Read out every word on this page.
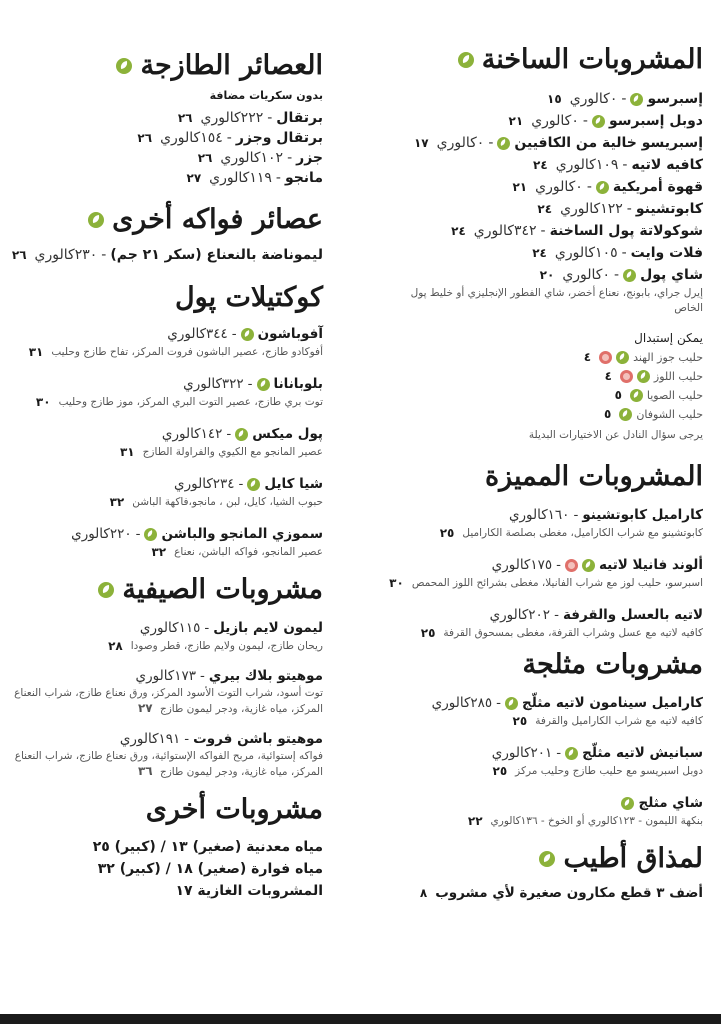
المشروبات الساخنة
إسبرسو
-
٠كالوري
١٥
دوبل إسبرسو
-
٠كالوري
٢١
إسبريسو خالية من الكافيين
-
٠كالوري
١٧
كافيه لاتيه
-
١٠٩كالوري
٢٤
قهوة أمريكية
-
٠كالوري
٢١
كابوتشينو
-
١٢٢كالوري
٢٤
شوكولاتة پول الساخنة
-
٣٤٢كالوري
٢٤
فلات وايت
-
١٠٥كالوري
٢٤
شاي پول
-
٠كالوري
٢٠
إيرل جراي، بابونج، نعناع أخضر، شاي الفطور الإنجليزي أو خليط پول الخاص
يمكن إستبدال
حليب جوز الهند
٤
حليب اللوز
٤
حليب الصويا
٥
حليب الشوفان
٥
يرجى سؤال النادل عن الاختيارات البديلة
المشروبات المميزة
كاراميل كابوتشينو
-
١٦٠كالوري
كابوتشينو مع شراب الكاراميل، مغطى بصلصة الكاراميل
٢٥
ألوند فانيلا لاتيه
-
١٧٥كالوري
اسبرسو، حليب لوز مع شراب الفانيلا، مغطى بشرائح اللوز المحمص
٣٠
لاتيه بالعسل والقرفة
-
٢٠٢كالوري
كافيه لاتيه مع عسل وشراب القرفة، مغطى بمسحوق القرفة
٢٥
مشروبات مثلجة
كاراميل سينامون لاتيه مثلّج
-
٢٨٥كالوري
كافيه لاتيه مع شراب الكاراميل والقرفة
٢٥
سبانيش لاتيه مثلّج
-
٢٠١كالوري
دوبل اسبريسو مع حليب طازج وحليب مركز
٢٥
شاي مثلج
بنكهة الليمون - ١٢٣كالوري أو الخوخ - ١٣٦كالوري
٢٢
لمذاق أطيب
أضف ٣ قطع مكارون صغيرة لأي مشروب
٨
العصائر الطازجة
بدون سكريات مضافة
برتقال
-
٢٢٢كالوري
٢٦
برتقال وجزر
-
١٥٤كالوري
٢٦
جزر
-
١٠٢كالوري
٢٦
مانجو
-
١١٩كالوري
٢٧
عصائر فواكه أخرى
ليموناضة بالنعناع (سكر ٢١ جم)
-
٢٣٠كالوري
٢٦
كوكتيلات پول
آفوباشون
-
٣٤٤كالوري
أفوكادو طازج، عصير الباشون فروت المركز، تفاح طازج وحليب
٣١
بلوبانانا
-
٣٢٢كالوري
توت بري طازج، عصير التوت البري المركز، موز طازج وحليب
٣٠
پول ميكس
-
١٤٢كالوري
عصير المانجو مع الكيوي والفراولة الطازج
٣١
شيا كايل
-
٢٣٤كالوري
حبوب الشيا، كايل، لبن ، مانجو،فاكهة الباشن
٣٢
سموزي المانجو والباشن
-
٢٢٠كالوري
عصير المانجو، فواكه الباشن، نعناع
٣٢
مشروبات الصيفية
ليمون لايم بازيل
-
١١٥كالوري
ريحان طازج، ليمون ولايم طازج، قطر وصودا
٢٨
موهيتو بلاك بيري
-
١٧٣كالوري
توت أسود، شراب التوت الأسود المركز، ورق نعناع طازج، شراب النعناع المركز، مياه غازية، ودجر ليمون طازج ٢٧
موهيتو باشن فروت
-
١٩١كالوري
فواكه إستوائية، مربح الفواكه الإستوائية، ورق نعناع طازج، شراب النعناع المركز، مياه غازية، ودجر ليمون طازج ٣٦
مشروبات أخرى
مياه معدنية (صغير) ١٣ / (كبير) ٢٥
مياه فوارة (صغير) ١٨ / (كبير) ٣٢
المشروبات الغازية ١٧
